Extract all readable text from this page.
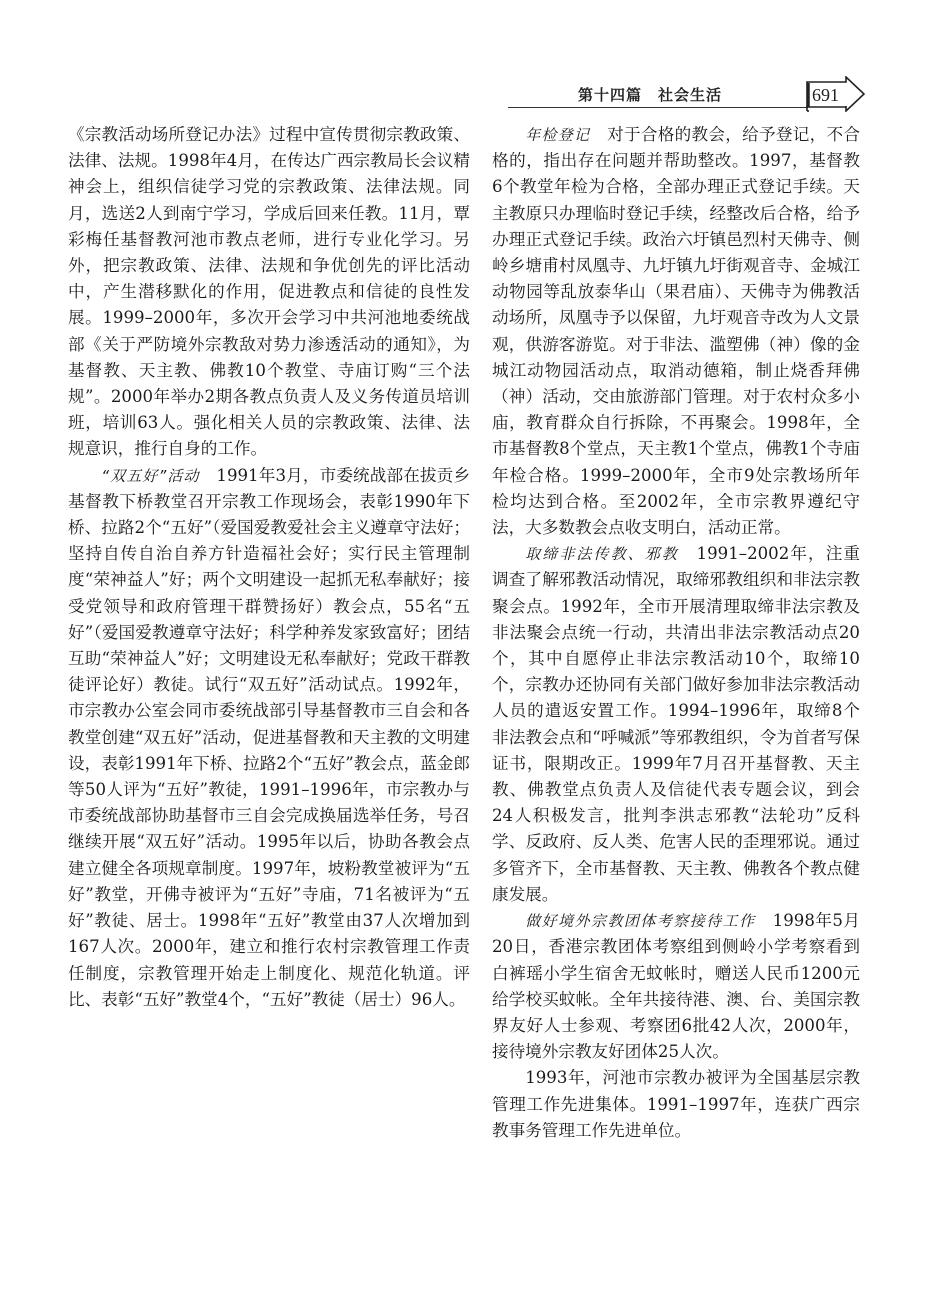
第十四篇　社会生活	691

《宗教活动场所登记办法》过程中宣传贯彻宗教政策、法律、法规。1998年4月，在传达广西宗教局长会议精神会上，组织信徒学习党的宗教政策、法律法规。同月，选送2人到南宁学习，学成后回来任教。11月，覃彩梅任基督教河池市教点老师，进行专业化学习。另外，把宗教政策、法律、法规和争优创先的评比活动中，产生潜移默化的作用，促进教点和信徒的良性发展。1999–2000年，多次开会学习中共河池地委统战部《关于严防境外宗教敌对势力渗透活动的通知》，为基督教、天主教、佛教10个教堂、寺庙订购“三个法规”。2000年举办2期各教点负责人及义务传道员培训班，培训63人。强化相关人员的宗教政策、法律、法规意识，推行自身的工作。

“双五好”活动　1991年3月，市委统战部在拔贡乡基督教下桥教堂召开宗教工作现场会，表彰1990年下桥、拉路2个“五好”（爱国爱教爱社会主义遵章守法好；坚持自传自治自养方针造福社会好；实行民主管理制度“荣神益人”好；两个文明建设一起抓无私奉献好；接受党领导和政府管理干群赞扬好）教会点，55名“五好”（爱国爱教遵章守法好；科学种养发家致富好；团结互助“荣神益人”好；文明建设无私奉献好；党政干群教徒评论好）教徒。试行“双五好”活动试点。1992年，市宗教办公室会同市委统战部引导基督教市三自会和各教堂创建“双五好”活动，促进基督教和天主教的文明建设，表彰1991年下桥、拉路2个“五好”教会点，蓝金郎等50人评为“五好”教徒，1991–1996年，市宗教办与市委统战部协助基督市三自会完成换届选举任务，号召继续开展“双五好”活动。1995年以后，协助各教会点建立健全各项规章制度。1997年，坡粉教堂被评为“五好”教堂，开佛寺被评为“五好”寺庙，71名被评为“五好”教徒、居士。1998年“五好”教堂由37人次增加到167人次。2000年，建立和推行农村宗教管理工作责任制度，宗教管理开始走上制度化、规范化轨道。评比、表彰“五好”教堂4个，“五好”教徒（居士）96人。

年检登记　对于合格的教会，给予登记，不合格的，指出存在问题并帮助整改。1997，基督教6个教堂年检为合格，全部办理正式登记手续。天主教原只办理临时登记手续，经整改后合格，给予办理正式登记手续。政治六圩镇邑烈村天佛寺、侧岭乡塘甫村凤凰寺、九圩镇九圩街观音寺、金城江动物园等乱放泰华山（果君庙）、天佛寺为佛教活动场所，凤凰寺予以保留，九圩观音寺改为人文景观，供游客游览。对于非法、滥塑佛（神）像的金城江动物园活动点，取消动德箱，制止烧香拜佛（神）活动，交由旅游部门管理。对于农村众多小庙，教育群众自行拆除，不再聚会。1998年，全市基督教8个堂点，天主教1个堂点，佛教1个寺庙年检合格。1999–2000年，全市9处宗教场所年检均达到合格。至2002年，全市宗教界遵纪守法，大多数教会点收支明白，活动正常。

取缔非法传教、邪教　1991–2002年，注重调查了解邪教活动情况，取缔邪教组织和非法宗教聚会点。1992年，全市开展清理取缔非法宗教及非法聚会点统一行动，共清出非法宗教活动点20个，其中自愿停止非法宗教活动10个，取缔10个，宗教办还协同有关部门做好参加非法宗教活动人员的遣返安置工作。1994–1996年，取缔8个非法教会点和“呼喊派”等邪教组织，令为首者写保证书，限期改正。1999年7月召开基督教、天主教、佛教堂点负责人及信徒代表专题会议，到会24人积极发言，批判李洪志邪教“法轮功”反科学、反政府、反人类、危害人民的歪理邪说。通过多管齐下，全市基督教、天主教、佛教各个教点健康发展。

做好境外宗教团体考察接待工作　1998年5月20日，香港宗教团体考察组到侧岭小学考察看到白裤瑶小学生宿舍无蚊帐时，赠送人民币1200元给学校买蚊帐。全年共接待港、澳、台、美国宗教界友好人士参观、考察团6批42人次，2000年，接待境外宗教友好团体25人次。

1993年，河池市宗教办被评为全国基层宗教管理工作先进集体。1991–1997年，连获广西宗教事务管理工作先进单位。
